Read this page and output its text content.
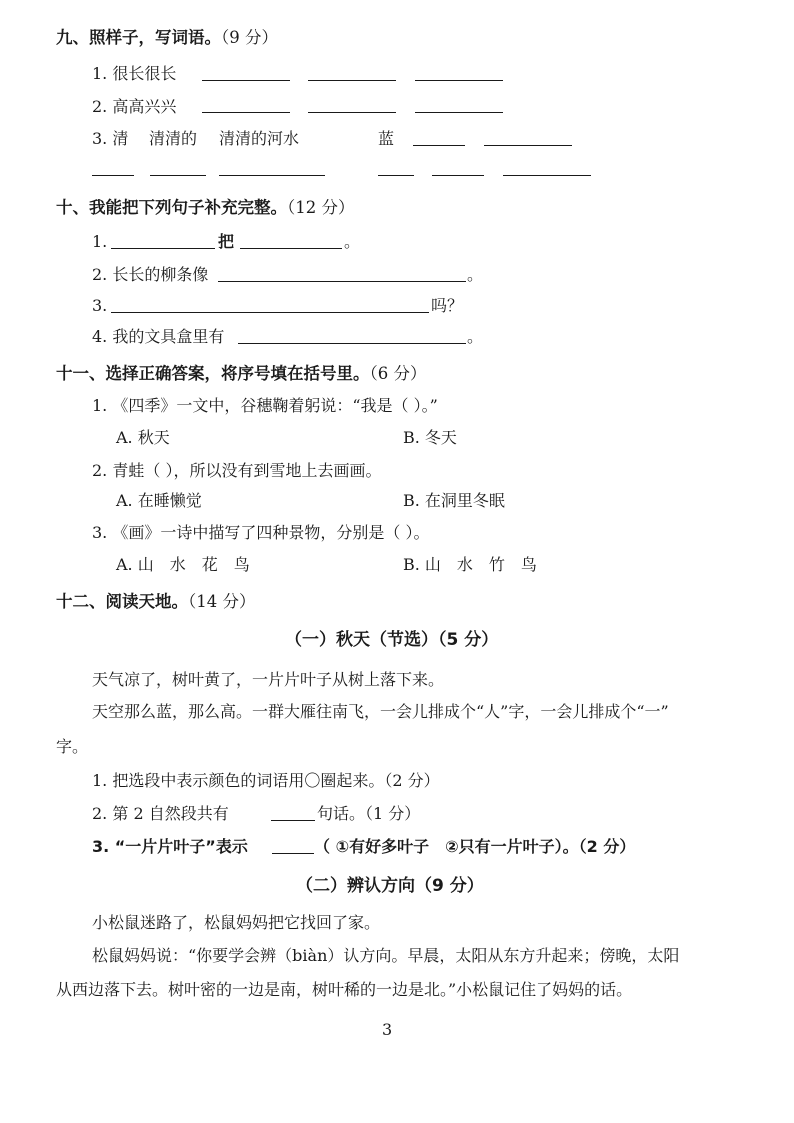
九、照样子，写词语。（9 分）
1. 很长很长
2. 高高兴兴
3. 清 清清的 清清的河水	蓝
十、我能把下列句子补充完整。（12 分）
1.	把	。
2. 长长的柳条像	。
3.	吗？
4. 我的文具盒里有	。
十一、选择正确答案，将序号填在括号里。（6 分）
1. 《四季》一文中，谷穗鞠着躬说：“我是（ ）。”
A. 秋天	B. 冬天
2. 青蛙（ ），所以没有到雪地上去画画。
A. 在睡懒觉	B. 在洞里冬眠
3. 《画》一诗中描写了四种景物，分别是（ ）。
A. 山　水　花　鸟	B. 山　水　竹　鸟
十二、阅读天地。（14 分）
（一）秋天（节选）（5 分）
天气凉了，树叶黄了，一片片叶子从树上落下来。
天空那么蓝，那么高。一群大雁往南飞，一会儿排成个“人”字，一会儿排成个“一”
字。
1. 把选段中表示颜色的词语用〇圈起来。（2 分）
2. 第 2 自然段共有	句话。（1 分）
3. “一片片叶子”表示	（ ①有好多叶子　②只有一片叶子）。（2 分）
（二）辨认方向（9 分）
小松鼠迷路了，松鼠妈妈把它找回了家。
松鼠妈妈说：“你要学会辨（biàn）认方向。早晨，太阳从东方升起来；傍晚，太阳
从西边落下去。树叶密的一边是南，树叶稀的一边是北。”小松鼠记住了妈妈的话。
3
